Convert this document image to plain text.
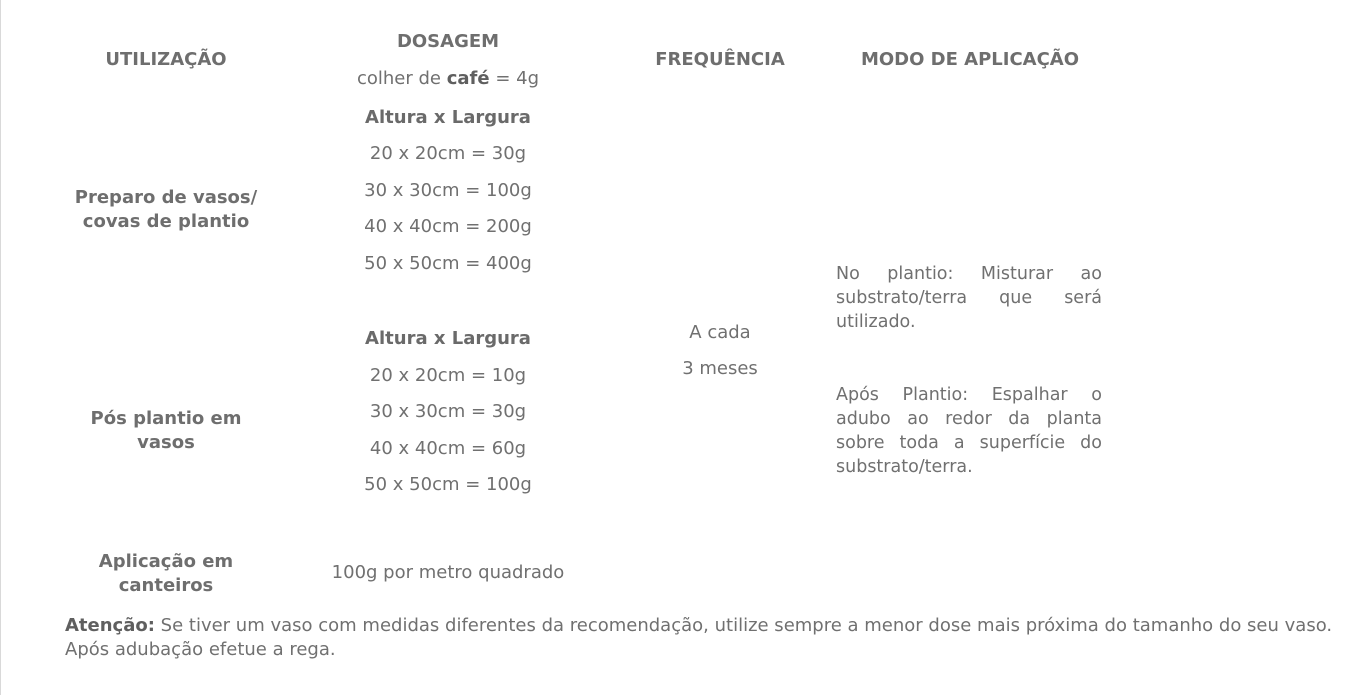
UTILIZAÇÃO
DOSAGEM
colher de café = 4g
FREQUÊNCIA	MODO DE APLICAÇÃO
Preparo de vasos/
covas de plantio
Altura x Largura
20 x 20cm = 30g
30 x 30cm = 100g
40 x 40cm = 200g
50 x 50cm = 400g
Pós plantio em
vasos
Altura x Largura
20 x 20cm = 10g
30 x 30cm = 30g
40 x 40cm = 60g
50 x 50cm = 100g
A cada
3 meses
No plantio: Misturar ao
substrato/terra que será
utilizado.
Após Plantio: Espalhar o
adubo ao redor da planta
sobre toda a superfície do
substrato/terra.
Aplicação em
canteiros
100g por metro quadrado
Atenção: Se tiver um vaso com medidas diferentes da recomendação, utilize sempre a menor dose mais próxima do tamanho do seu vaso. Após adubação efetue a rega.
